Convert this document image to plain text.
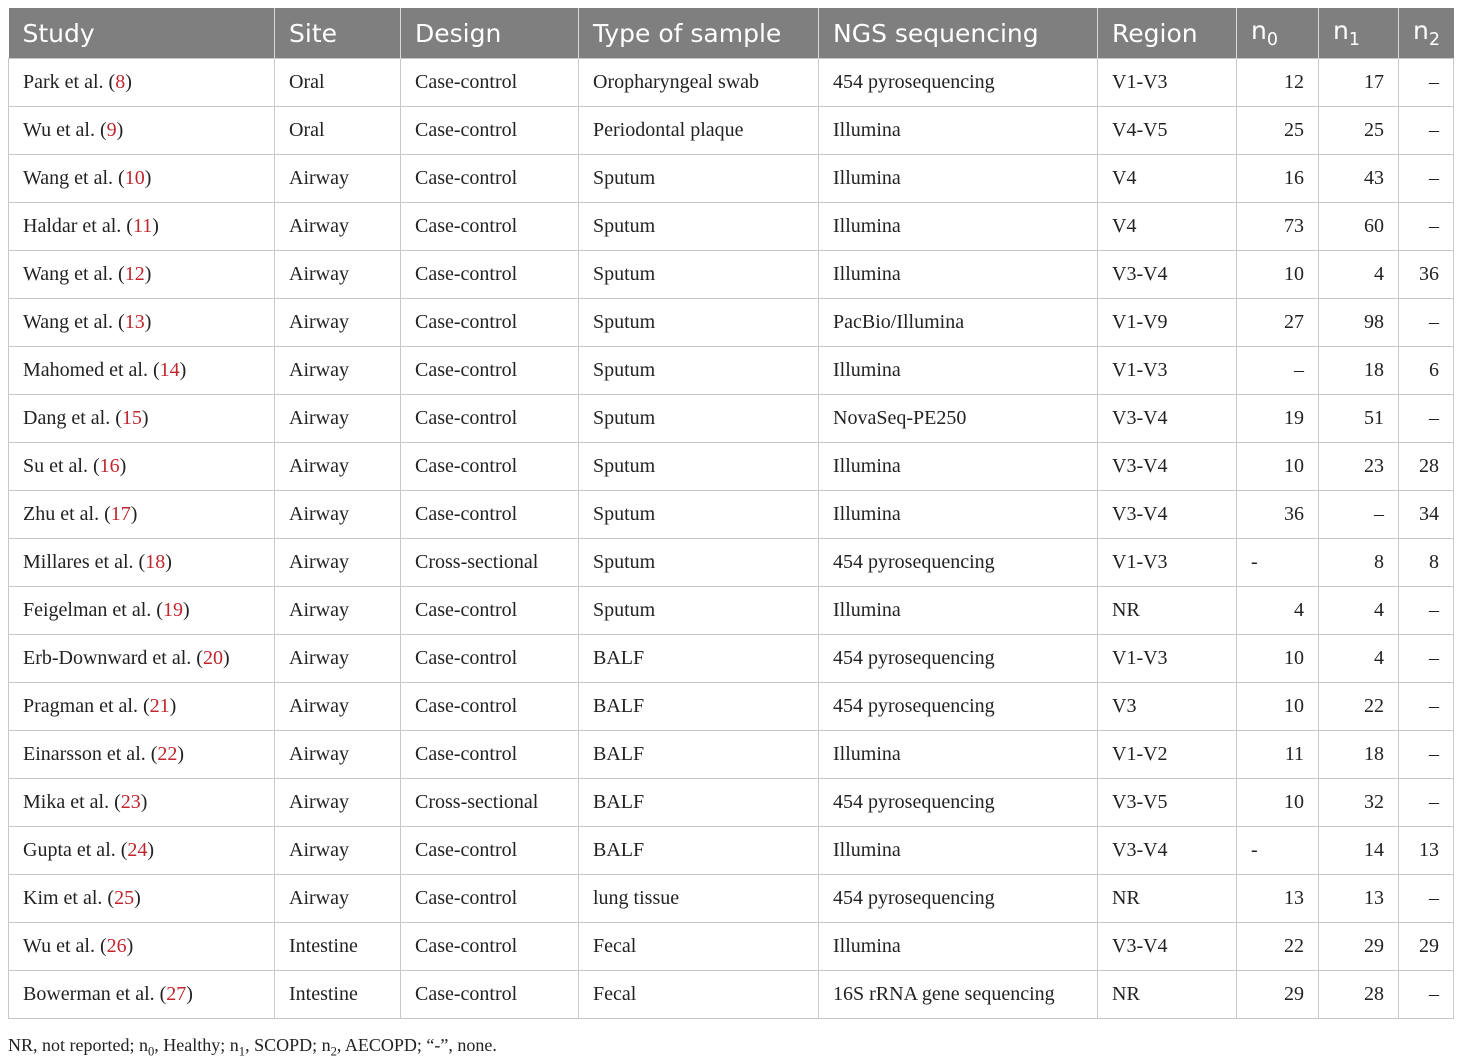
Study	Site	Design	Type of sample	NGS sequencing	Region	$n_0$	$n_1$	$n_2$
Park et al. (8)	Oral	Case-control	Oropharyngeal swab	454 pyrosequencing	V1-V3	12	17	–
Wu et al. (9)	Oral	Case-control	Periodontal plaque	Illumina	V4-V5	25	25	–
Wang et al. (10)	Airway	Case-control	Sputum	Illumina	V4	16	43	–
Haldar et al. (11)	Airway	Case-control	Sputum	Illumina	V4	73	60	–
Wang et al. (12)	Airway	Case-control	Sputum	Illumina	V3-V4	10	4	36
Wang et al. (13)	Airway	Case-control	Sputum	PacBio/Illumina	V1-V9	27	98	–
Mahomed et al. (14)	Airway	Case-control	Sputum	Illumina	V1-V3	–	18	6
Dang et al. (15)	Airway	Case-control	Sputum	NovaSeq-PE250	V3-V4	19	51	–
Su et al. (16)	Airway	Case-control	Sputum	Illumina	V3-V4	10	23	28
Zhu et al. (17)	Airway	Case-control	Sputum	Illumina	V3-V4	36	–	34
Millares et al. (18)	Airway	Cross-sectional	Sputum	454 pyrosequencing	V1-V3	-	8	8
Feigelman et al. (19)	Airway	Case-control	Sputum	Illumina	NR	4	4	–
Erb-Downward et al. (20)	Airway	Case-control	BALF	454 pyrosequencing	V1-V3	10	4	–
Pragman et al. (21)	Airway	Case-control	BALF	454 pyrosequencing	V3	10	22	–
Einarsson et al. (22)	Airway	Case-control	BALF	Illumina	V1-V2	11	18	–
Mika et al. (23)	Airway	Cross-sectional	BALF	454 pyrosequencing	V3-V5	10	32	–
Gupta et al. (24)	Airway	Case-control	BALF	Illumina	V3-V4	-	14	13
Kim et al. (25)	Airway	Case-control	lung tissue	454 pyrosequencing	NR	13	13	–
Wu et al. (26)	Intestine	Case-control	Fecal	Illumina	V3-V4	22	29	29
Bowerman et al. (27)	Intestine	Case-control	Fecal	16S rRNA gene sequencing	NR	29	28	–
NR, not reported; $n_0$, Healthy; $n_1$, SCOPD; $n_2$, AECOPD; “-”, none.
